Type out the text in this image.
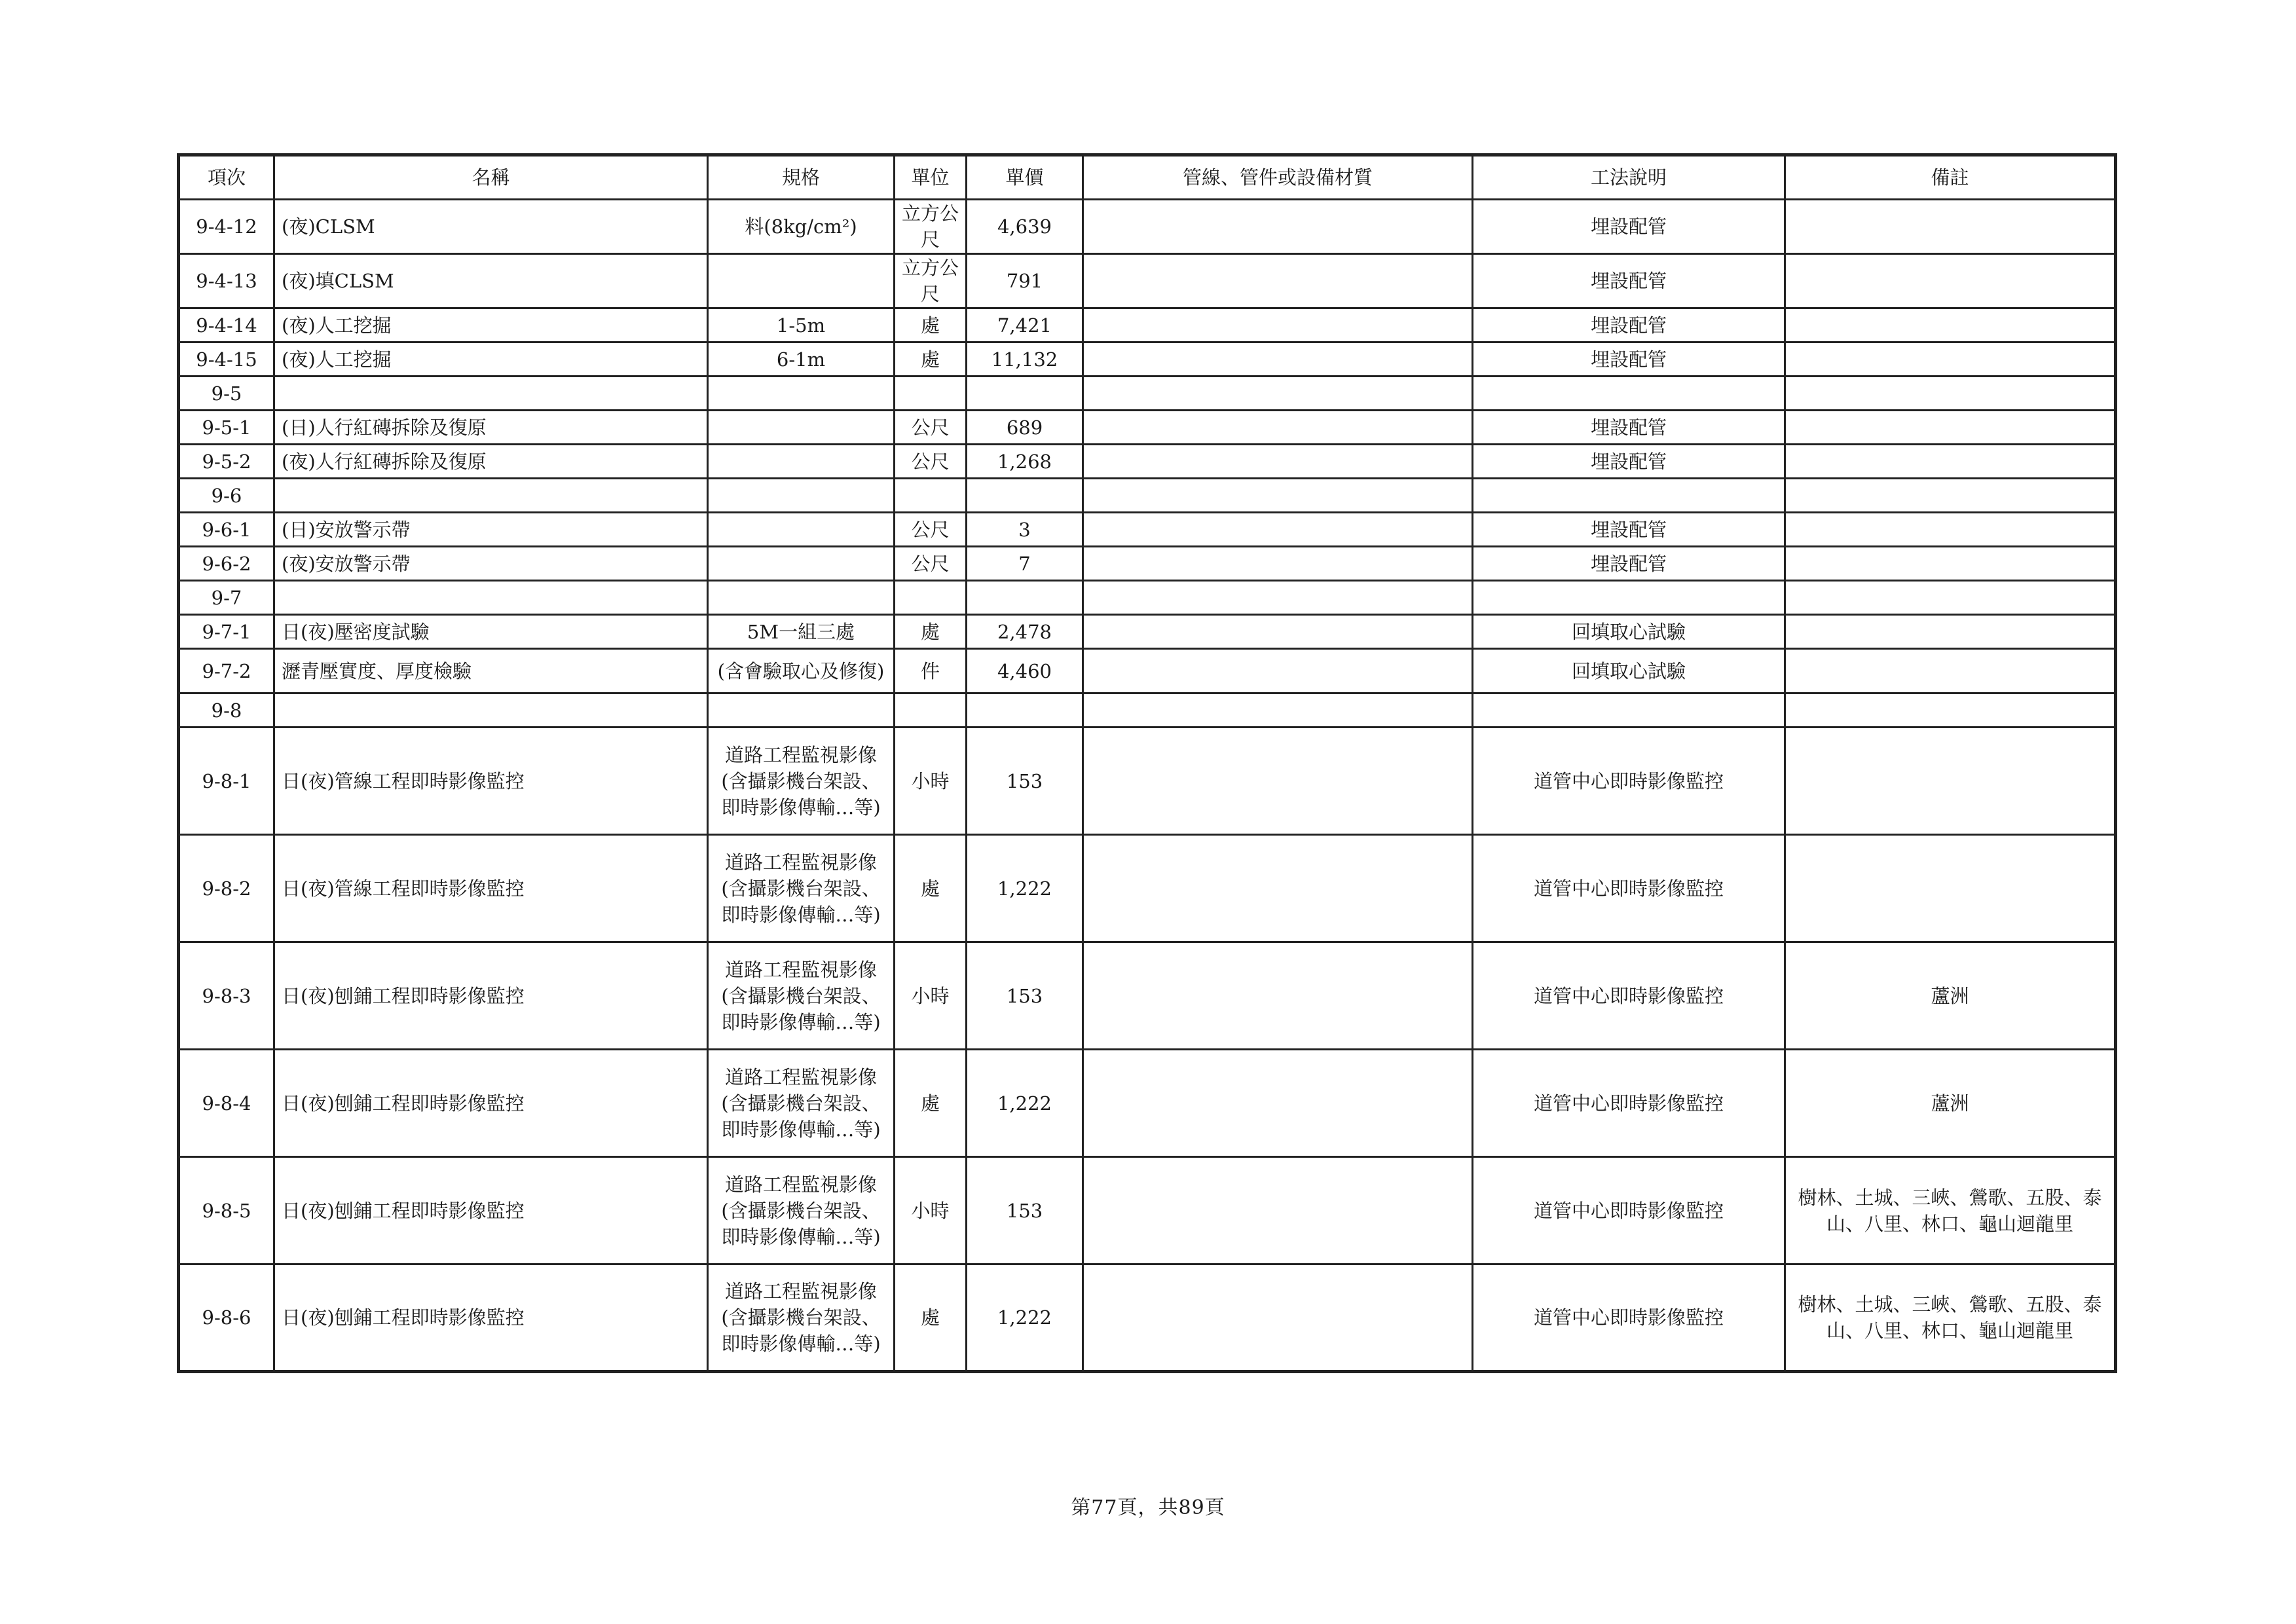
項次	名稱	規格	單位	單價	管線、管件或設備材質	工法說明	備註
9-4-12	(夜)CLSM	料(8kg/cm²)	立方公尺	4,639		埋設配管	
9-4-13	(夜)填CLSM		立方公尺	791		埋設配管	
9-4-14	(夜)人工挖掘	1-5m	處	7,421		埋設配管	
9-4-15	(夜)人工挖掘	6-1m	處	11,132		埋設配管	
9-5							
9-5-1	(日)人行紅磚拆除及復原		公尺	689		埋設配管	
9-5-2	(夜)人行紅磚拆除及復原		公尺	1,268		埋設配管	
9-6							
9-6-1	(日)安放警示帶		公尺	3		埋設配管	
9-6-2	(夜)安放警示帶		公尺	7		埋設配管	
9-7							
9-7-1	日(夜)壓密度試驗	5M一組三處	處	2,478		回填取心試驗	
9-7-2	瀝青壓實度、厚度檢驗	(含會驗取心及修復)	件	4,460		回填取心試驗	
9-8							
9-8-1	日(夜)管線工程即時影像監控	道路工程監視影像(含攝影機台架設、即時影像傳輸…等)	小時	153		道管中心即時影像監控	
9-8-2	日(夜)管線工程即時影像監控	道路工程監視影像(含攝影機台架設、即時影像傳輸…等)	處	1,222		道管中心即時影像監控	
9-8-3	日(夜)刨鋪工程即時影像監控	道路工程監視影像(含攝影機台架設、即時影像傳輸…等)	小時	153		道管中心即時影像監控	蘆洲
9-8-4	日(夜)刨鋪工程即時影像監控	道路工程監視影像(含攝影機台架設、即時影像傳輸…等)	處	1,222		道管中心即時影像監控	蘆洲
9-8-5	日(夜)刨鋪工程即時影像監控	道路工程監視影像(含攝影機台架設、即時影像傳輸…等)	小時	153		道管中心即時影像監控	樹林、土城、三峽、鶯歌、五股、泰山、八里、林口、龜山迴龍里
9-8-6	日(夜)刨鋪工程即時影像監控	道路工程監視影像(含攝影機台架設、即時影像傳輸…等)	處	1,222		道管中心即時影像監控	樹林、土城、三峽、鶯歌、五股、泰山、八里、林口、龜山迴龍里
第77頁，共89頁
